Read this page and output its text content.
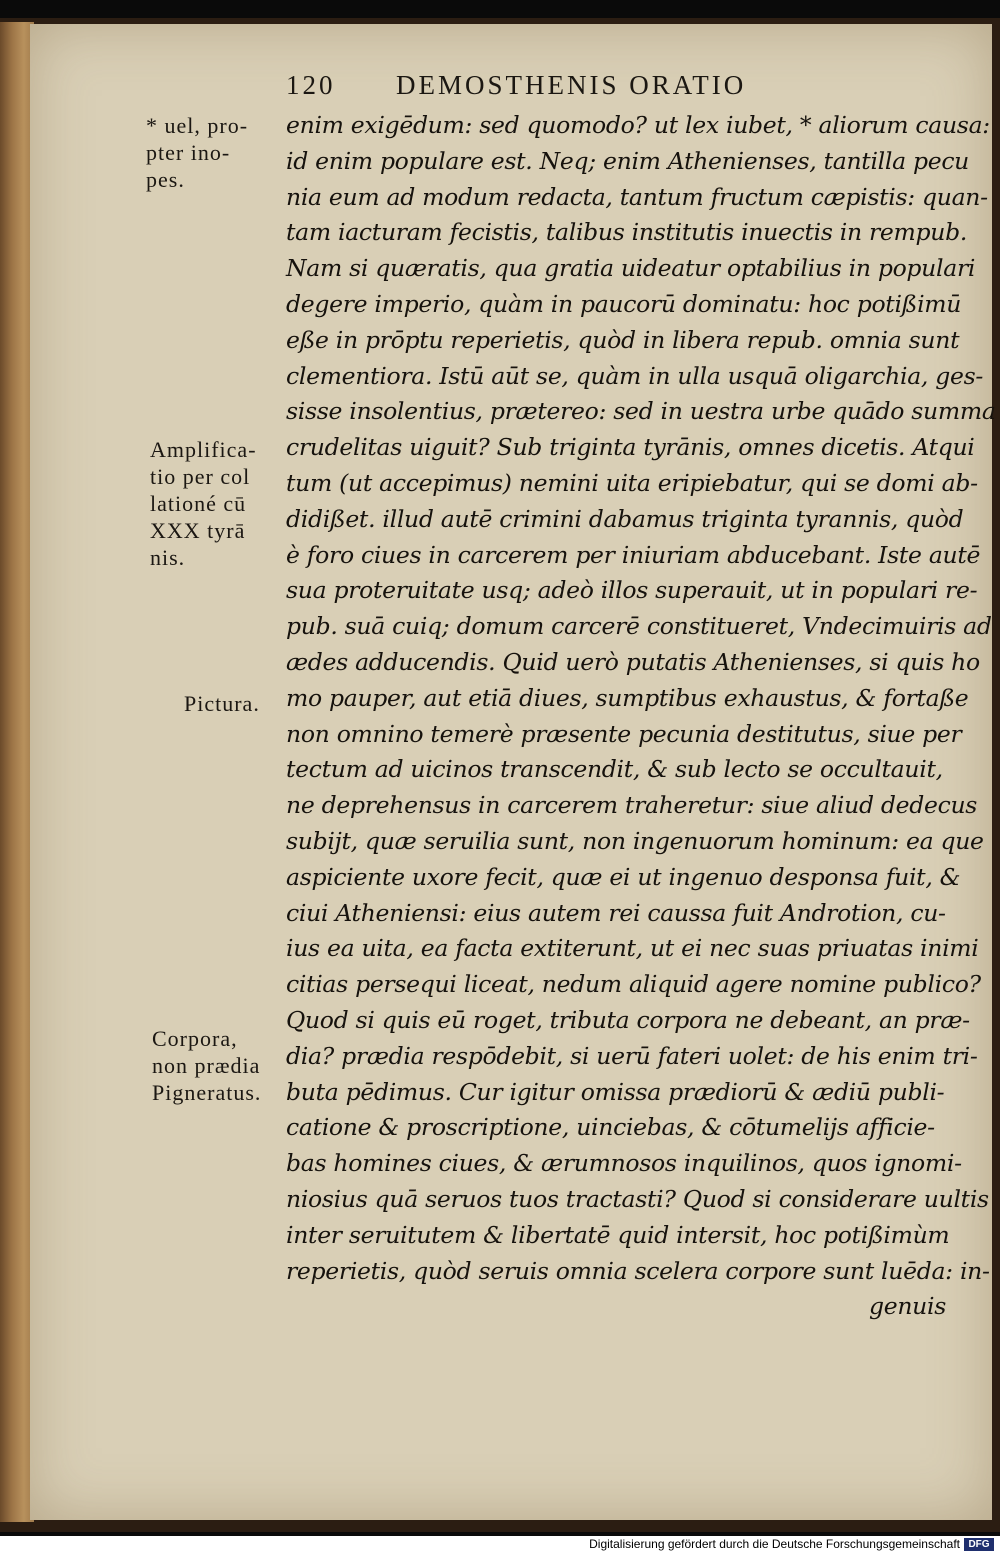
120 DEMOSTHENIS ORATIO
* uel, pro-
pter ino-
pes.
Amplifica-
tio per col
lationé cū
XXX tyrā
nis.
Pictura.
Corpora,
non prædia
Pigneratus.
enim exigēdum: sed quomodo? ut lex iubet, * aliorum causa:
id enim populare est. Neq; enim Athenienses, tantilla pecu
nia eum ad modum redacta, tantum fructum cæpistis: quan-
tam iacturam fecistis, talibus institutis inuectis in rempub.
Nam si quæratis, qua gratia uideatur optabilius in populari
degere imperio, quàm in paucorū dominatu: hoc potißimū
eße in prōptu reperietis, quòd in libera repub. omnia sunt
clementiora. Istū aūt se, quàm in ulla usquā oligarchia, ges-
sisse insolentius, prætereo: sed in uestra urbe quādo summa
crudelitas uiguit? Sub triginta tyrānis, omnes dicetis. Atqui
tum (ut accepimus) nemini uita eripiebatur, qui se domi ab-
didißet. illud autē crimini dabamus triginta tyrannis, quòd
è foro ciues in carcerem per iniuriam abducebant. Iste autē
sua proteruitate usq; adeò illos superauit, ut in populari re-
pub. suā cuiq; domum carcerē constitueret, Vndecimuiris ad
ædes adducendis. Quid uerò putatis Athenienses, si quis ho
mo pauper, aut etiā diues, sumptibus exhaustus, & fortaße
non omnino temerè præsente pecunia destitutus, siue per
tectum ad uicinos transcendit, & sub lecto se occultauit,
ne deprehensus in carcerem traheretur: siue aliud dedecus
subijt, quæ seruilia sunt, non ingenuorum hominum: ea que
aspiciente uxore fecit, quæ ei ut ingenuo desponsa fuit, &
ciui Atheniensi: eius autem rei caussa fuit Androtion, cu-
ius ea uita, ea facta extiterunt, ut ei nec suas priuatas inimi
citias persequi liceat, nedum aliquid agere nomine publico?
Quod si quis eū roget, tributa corpora ne debeant, an præ-
dia? prædia respōdebit, si uerū fateri uolet: de his enim tri-
buta pēdimus. Cur igitur omissa prædiorū & ædiū publi-
catione & proscriptione, uinciebas, & cōtumelijs afficie-
bas homines ciues, & ærumnosos inquilinos, quos ignomi-
niosius quā seruos tuos tractasti? Quod si considerare uultis
inter seruitutem & libertatē quid intersit, hoc potißimùm
reperietis, quòd seruis omnia scelera corpore sunt luēda: in-
genuis
Digitalisierung gefördert durch die Deutsche Forschungsgemeinschaft DFG
